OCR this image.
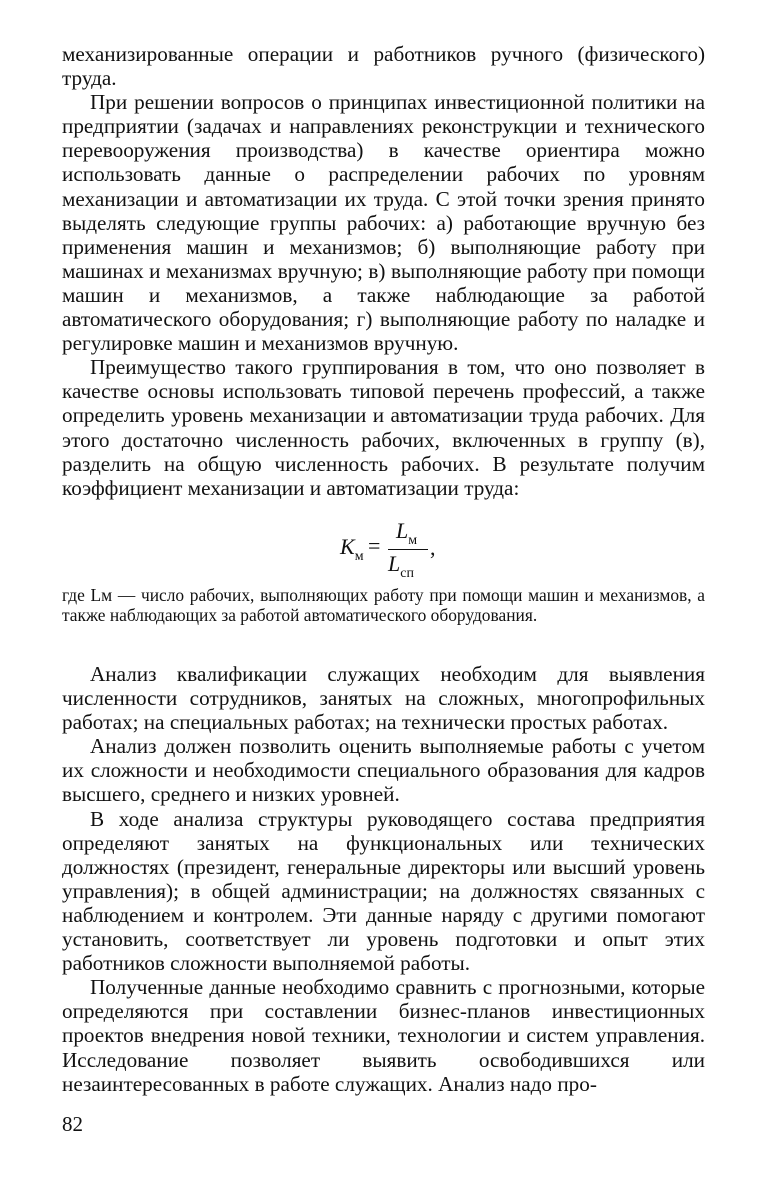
механизированные операции и работников ручного (физического) труда.

При решении вопросов о принципах инвестиционной политики на предприятии (задачах и направлениях реконструкции и технического перевооружения производства) в качестве ориентира можно использовать данные о распределении рабочих по уровням механизации и автоматизации их труда. С этой точки зрения принято выделять следующие группы рабочих: а) работающие вручную без применения машин и механизмов; б) выполняющие работу при машинах и механизмах вручную; в) выполняющие работу при помощи машин и механизмов, а также наблюдающие за работой автоматического оборудования; г) выполняющие работу по наладке и регулировке машин и механизмов вручную.

Преимущество такого группирования в том, что оно позволяет в качестве основы использовать типовой перечень профессий, а также определить уровень механизации и автоматизации труда рабочих. Для этого достаточно численность рабочих, включенных в группу (в), разделить на общую численность рабочих. В результате получим коэффициент механизации и автоматизации труда:

$K_м$ =
$L_м$
$L_{сп}$
,

где Lм — число рабочих, выполняющих работу при помощи машин и механизмов, а также наблюдающих за работой автоматического оборудования.

Анализ квалификации служащих необходим для выявления численности сотрудников, занятых на сложных, многопрофильных работах; на специальных работах; на технически простых работах.

Анализ должен позволить оценить выполняемые работы с учетом их сложности и необходимости специального образования для кадров высшего, среднего и низких уровней.

В ходе анализа структуры руководящего состава предприятия определяют занятых на функциональных или технических должностях (президент, генеральные директоры или высший уровень управления); в общей администрации; на должностях связанных с наблюдением и контролем. Эти данные наряду с другими помогают установить, соответствует ли уровень подготовки и опыт этих работников сложности выполняемой работы.

Полученные данные необходимо сравнить с прогнозными, которые определяются при составлении бизнес-планов инвестиционных проектов внедрения новой техники, технологии и систем управления. Исследование позволяет выявить освободившихся или незаинтересованных в работе служащих. Анализ надо про-

82
